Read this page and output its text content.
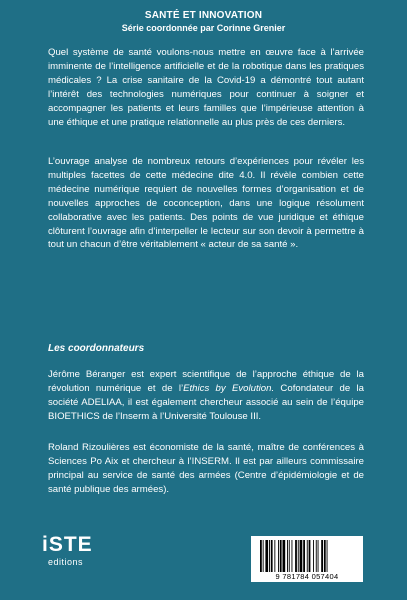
SANTÉ ET INNOVATION
Série coordonnée par Corinne Grenier

Quel système de santé voulons-nous mettre en œuvre face à l’arrivée imminente de l’intelligence artificielle et de la robotique dans les pratiques médicales ? La crise sanitaire de la Covid-19 a démontré tout autant l’intérêt des technologies numériques pour continuer à soigner et accompagner les patients et leurs familles que l’impérieuse attention à une éthique et une pratique relationnelle au plus près de ces derniers.

L’ouvrage analyse de nombreux retours d’expériences pour révéler les multiples facettes de cette médecine dite 4.0. Il révèle combien cette médecine numérique requiert de nouvelles formes d’organisation et de nouvelles approches de coconception, dans une logique résolument collaborative avec les patients. Des points de vue juridique et éthique clôturent l’ouvrage afin d’interpeller le lecteur sur son devoir à permettre à tout un chacun d’être véritablement « acteur de sa santé ».

Les coordonnateurs

Jérôme Béranger est expert scientifique de l’approche éthique de la révolution numérique et de l’Ethics by Evolution. Cofondateur de la société ADELIAA, il est également chercheur associé au sein de l’équipe BIOETHICS de l’Inserm à l’Université Toulouse III.

Roland Rizoulières est économiste de la santé, maître de conférences à Sciences Po Aix et chercheur à l’INSERM. Il est par ailleurs commissaire principal au service de santé des armées (Centre d’épidémiologie et de santé publique des armées).

iSTE
editions
9 781784 057404
